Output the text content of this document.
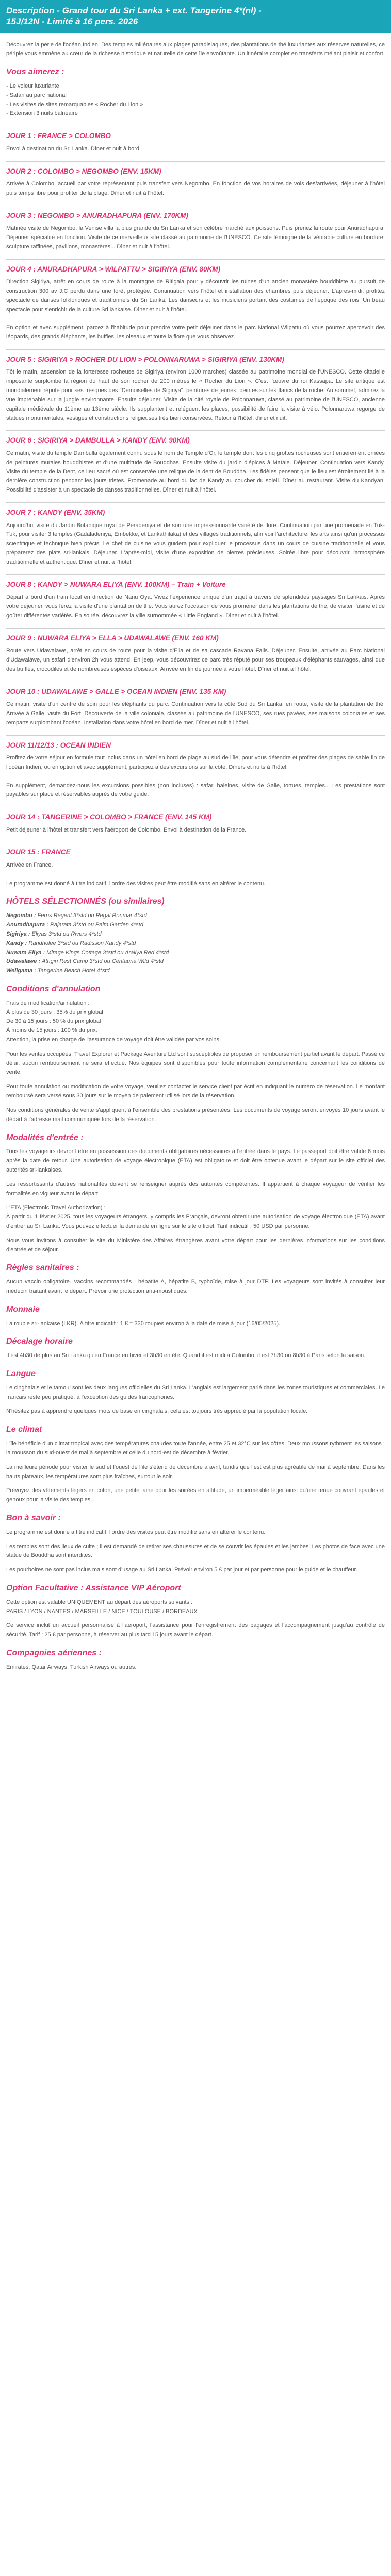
Description - Grand tour du Sri Lanka + ext. Tangerine 4*(nl) -
15J/12N - Limité à 16 pers. 2026

Découvrez la perle de l'océan Indien. Des temples millénaires aux plages paradisiaques, des plantations de thé luxuriantes aux réserves naturelles, ce périple vous emmène au cœur de la richesse historique et naturelle de cette île envoûtante. Un itinéraire complet en transferts mélant plaisir et confort.

Vous aimerez :
- Le voleur luxuriante
- Safari au parc national
- Les visites de sites remarquables « Rocher du Lion »
- Extension 3 nuits balnéaire
JOUR 1 : FRANCE > COLOMBO
Envol à destination du Sri Lanka. Dîner et nuit à bord.
JOUR 2 : COLOMBO > NEGOMBO (ENV. 15KM)
Arrivée à Colombo, accueil par votre représentant puis transfert vers Negombo. En fonction de vos horaires de vols des/arrivées, déjeuner à l'hôtel puis temps libre pour profiter de la plage. Dîner et nuit à l'hôtel.
JOUR 3 : NEGOMBO > ANURADHAPURA (ENV. 170KM)
Matinée visite de Negombo, la Venise villa la plus grande du Sri Lanka et son célèbre marché aux poissons. Puis prenez la route pour Anuradhapura. Déjeuner spécialité en fonction. Visite de ce merveilleux site classé au patrimoine de l'UNESCO. Ce site témoigne de la véritable culture en bordure: sculpture raffinées, pavillons, monastères... Dîner et nuit à l'hôtel.
JOUR 4 : ANURADHAPURA > WILPATTU > SIGIRIYA (ENV. 80KM)
Direction Sigiriya, arrêt en cours de route à la montagne de Ritigala pour y découvrir les ruines d'un ancien monastère bouddhiste au pursuit de construction 300 av J.C perdu dans une forêt protégée. Continuation vers l'hôtel et installation des chambres puis déjeuner. L'après-midi, profitez spectacle de danses folkloriques et traditionnels du Sri Lanka. Les danseurs et les musiciens portant des costumes de l'époque des rois. Un beau spectacle pour s'enrichir de la culture Sri lankaise. Dîner et nuit à l'hôtel.

En option et avec supplément, parcez à l'habitude pour prendre votre petit déjeuner dans le parc National Wilpattu où vous pourrez apercevoir des léopards, des grands éléphants, les buffles, les oiseaux et toute la flore que vous observez.
JOUR 5 : SIGIRIYA > ROCHER DU LION > POLONNARUWA > SIGIRIYA (ENV. 130KM)
Tôt le matin, ascension de la forteresse rocheuse de Sigiriya (environ 1000 marches) classée au patrimoine mondial de l'UNESCO. Cette citadelle imposante surplombe la région du haut de son rocher de 200 mètres le « Rocher du Lion ». C'est l'œuvre du roi Kassapa. Le site antique est mondialement réputé pour ses fresques des "Demoiselles de Sigiriya", peintures de jeunes, peintes sur les flancs de la roche. Au sommet, admirez la vue imprenable sur la jungle environnante. Ensuite déjeuner. Visite de la cité royale de Polonnaruwa, classé au patrimoine de l'UNESCO, ancienne capitale médiévale du 11ème au 13ème siècle. Ils supplantent et reléguent les places, possibilité de faire la visite à vélo. Polonnaruwa regorge de statues monumentales, vestiges et constructions religieuses très bien conservées. Retour à l'hôtel, dîner et nuit.
JOUR 6 : SIGIRIYA > DAMBULLA > KANDY (ENV. 90KM)
Ce matin, visite du temple Dambulla également connu sous le nom de Temple d'Or, le temple dont les cinq grottes rocheuses sont entièrement ornées de peintures murales bouddhistes et d'une multitude de Bouddhas. Ensuite visite du jardin d'épices à Matale. Déjeuner. Continuation vers Kandy. Visite du temple de la Dent, ce lieu sacré où est conservée une relique de la dent de Bouddha. Les fidèles pensent que le lieu est étroitement lié à la dernière construction pendant les jours tristes. Promenade au bord du lac de Kandy au coucher du soleil. Dîner au restaurant. Visite du Kandyan. Possibilité d'assister à un spectacle de danses traditionnelles. Dîner et nuit à l'hôtel.
JOUR 7 : KANDY (ENV. 35KM)
Aujourd'hui visite du Jardin Botanique royal de Peradeniya et de son une impressionnante variété de flore. Continuation par une promenade en Tuk-Tuk, pour visiter 3 temples (Gadaladeniya, Embekke, et Lankathilaka) et des villages traditionnels, afin voir l'architecture, les arts ainsi qu'un processus scientifique et technique bien précis. Le chef de cuisine vous guidera pour expliquer le processus dans un cours de cuisine traditionnelle et vous préparerez des plats sri-lankais. Déjeuner. L'après-midi, visite d'une exposition de pierres précieuses. Soirée libre pour découvrir l'atmosphère traditionnelle et authentique. Dîner et nuit à l'hôtel.
JOUR 8 : KANDY > NUWARA ELIYA (ENV. 100KM) – Train + Voiture
Départ à bord d'un train local en direction de Nanu Oya. Vivez l'expérience unique d'un trajet à travers de splendides paysages Sri Lankais. Après votre déjeuner, vous ferez la visite d'une plantation de thé. Vous aurez l'occasion de vous promener dans les plantations de thé, de visiter l'usine et de goûter différentes variétés. En soirée, découvrez la ville surnommée « Little England ». Dîner et nuit à l'hôtel.
JOUR 9 : NUWARA ELIYA > ELLA > UDAWALAWE (ENV. 160 KM)
Route vers Udawalawe, arrêt en cours de route pour la visite d'Ella et de sa cascade Ravana Falls. Déjeuner. Ensuite, arrivée au Parc National d'Udawalawe, un safari d'environ 2h vous attend. En jeep, vous découvrirez ce parc très réputé pour ses troupeaux d'éléphants sauvages, ainsi que des buffles, crocodiles et de nombreuses espèces d'oiseaux. Arrivée en fin de journée à votre hôtel. Dîner et nuit à l'hôtel.
JOUR 10 : UDAWALAWE > GALLE > OCEAN INDIEN (ENV. 135 KM)
Ce matin, visite d'un centre de soin pour les éléphants du parc. Continuation vers la côte Sud du Sri Lanka, en route, visite de la plantation de thé. Arrivée à Galle, visite du Fort. Découverte de la ville coloniale, classée au patrimoine de l'UNESCO, ses rues pavées, ses maisons coloniales et ses remparts surplombant l'océan. Installation dans votre hôtel en bord de mer. Dîner et nuit à l'hôtel.
JOUR 11/12/13 : OCEAN INDIEN
Profitez de votre séjour en formule tout inclus dans un hôtel en bord de plage au sud de l'île, pour vous détendre et profiter des plages de sable fin de l'océan Indien, ou en option et avec supplément, participez à des excursions sur la côte. Dîners et nuits à l'hôtel.

En supplément, demandez-nous les excursions possibles (non incluses) : safari baleines, visite de Galle, tortues, temples... Les prestations sont payables sur place et réservables auprès de votre guide.
JOUR 14 : TANGERINE > COLOMBO > FRANCE (ENV. 145 KM)
Petit déjeuner à l'hôtel et transfert vers l'aéroport de Colombo. Envol à destination de la France.
JOUR 15 : FRANCE
Arrivée en France.

Le programme est donné à titre indicatif, l'ordre des visites peut être modifié sans en altérer le contenu.
HÔTELS SÉLECTIONNÉS (ou similaires)
Negombo : Ferns Regent 3*std ou Regal Ronmar 4*std
Anuradhapura : Rajarata 3*std ou Palm Garden 4*std
Sigiriya : Eliyas 3*std ou Rivers 4*std
Kandy : Randholee 3*std ou Radisson Kandy 4*std
Nuwara Eliya : Mirage Kings Cottage 3*std ou Araliya Red 4*std
Udawalawe : Athgiri Rest Camp 3*std ou Centauria Wild 4*std
Weligama : Tangerine Beach Hotel 4*std
Conditions d'annulation
Frais de modification/annulation :
À plus de 30 jours : 35% du prix global
De 30 à 15 jours : 50 % du prix global
À moins de 15 jours : 100 % du prix.
Attention, la prise en charge de l'assurance de voyage doit être validée par vos soins.
Pour les ventes occupées, Travel Explorer et Package Aventure Ltd sont susceptibles de proposer un remboursement partiel avant le départ. Passé ce délai, aucun remboursement ne sera effectué. Nos équipes sont disponibles pour toute information complémentaire concernant les conditions de vente.
Pour toute annulation ou modification de votre voyage, veuillez contacter le service client par écrit en indiquant le numéro de réservation. Le montant remboursé sera versé sous 30 jours sur le moyen de paiement utilisé lors de la réservation.
Nos conditions générales de vente s'appliquent à l'ensemble des prestations présentées. Les documents de voyage seront envoyés 10 jours avant le départ à l'adresse mail communiquée lors de la réservation.
Modalités d'entrée :
Tous les voyageurs devront être en possession des documents obligatoires nécessaires à l'entrée dans le pays. Le passeport doit être valide 6 mois après la date de retour. Une autorisation de voyage électronique (ETA) est obligatoire et doit être obtenue avant le départ sur le site officiel des autorités sri-lankaises.
Les ressortissants d'autres nationalités doivent se renseigner auprès des autorités compétentes. Il appartient à chaque voyageur de vérifier les formalités en vigueur avant le départ.
L'ETA (Electronic Travel Authorization) :
À partir du 1 février 2025, tous les voyageurs étrangers, y compris les Français, devront obtenir une autorisation de voyage électronique (ETA) avant d'entrer au Sri Lanka. Vous pouvez effectuer la demande en ligne sur le site officiel. Tarif indicatif : 50 USD par personne.
Nous vous invitons à consulter le site du Ministère des Affaires étrangères avant votre départ pour les dernières informations sur les conditions d'entrée et de séjour.
Règles sanitaires :
Aucun vaccin obligatoire. Vaccins recommandés : hépatite A, hépatite B, typhoïde, mise à jour DTP. Les voyageurs sont invités à consulter leur médecin traitant avant le départ. Prévoir une protection anti-moustiques.
Monnaie
La roupie sri-lankaise (LKR). À titre indicatif : 1 € = 330 roupies environ à la date de mise à jour (16/05/2025).
Décalage horaire
Il est 4h30 de plus au Sri Lanka qu'en France en hiver et 3h30 en été. Quand il est midi à Colombo, il est 7h30 ou 8h30 à Paris selon la saison.
Langue
Le cinghalais et le tamoul sont les deux langues officielles du Sri Lanka. L'anglais est largement parlé dans les zones touristiques et commerciales. Le français reste peu pratiqué, à l'exception des guides francophones.
N'hésitez pas à apprendre quelques mots de base en cinghalais, cela est toujours très apprécié par la population locale.
Le climat
L'île bénéficie d'un climat tropical avec des températures chaudes toute l'année, entre 25 et 32°C sur les côtes. Deux moussons rythment les saisons : la mousson du sud-ouest de mai à septembre et celle du nord-est de décembre à février.
La meilleure période pour visiter le sud et l'ouest de l'île s'étend de décembre à avril, tandis que l'est est plus agréable de mai à septembre. Dans les hauts plateaux, les températures sont plus fraîches, surtout le soir.
Prévoyez des vêtements légers en coton, une petite laine pour les soirées en altitude, un imperméable léger ainsi qu'une tenue couvrant épaules et genoux pour la visite des temples.
Bon à savoir :
Le programme est donné à titre indicatif, l'ordre des visites peut être modifié sans en altérer le contenu.
Les temples sont des lieux de culte ; il est demandé de retirer ses chaussures et de se couvrir les épaules et les jambes. Les photos de face avec une statue de Bouddha sont interdites.
Les pourboires ne sont pas inclus mais sont d'usage au Sri Lanka. Prévoir environ 5 € par jour et par personne pour le guide et le chauffeur.
Option Facultative : Assistance VIP Aéroport
Cette option est valable UNIQUEMENT au départ des aéroports suivants :
PARIS / LYON / NANTES / MARSEILLE / NICE / TOULOUSE / BORDEAUX
Ce service inclut un accueil personnalisé à l'aéroport, l'assistance pour l'enregistrement des bagages et l'accompagnement jusqu'au contrôle de sécurité. Tarif : 25 € par personne, à réserver au plus tard 15 jours avant le départ.
Compagnies aériennes :
Emirates, Qatar Airways, Turkish Airways ou autres.
